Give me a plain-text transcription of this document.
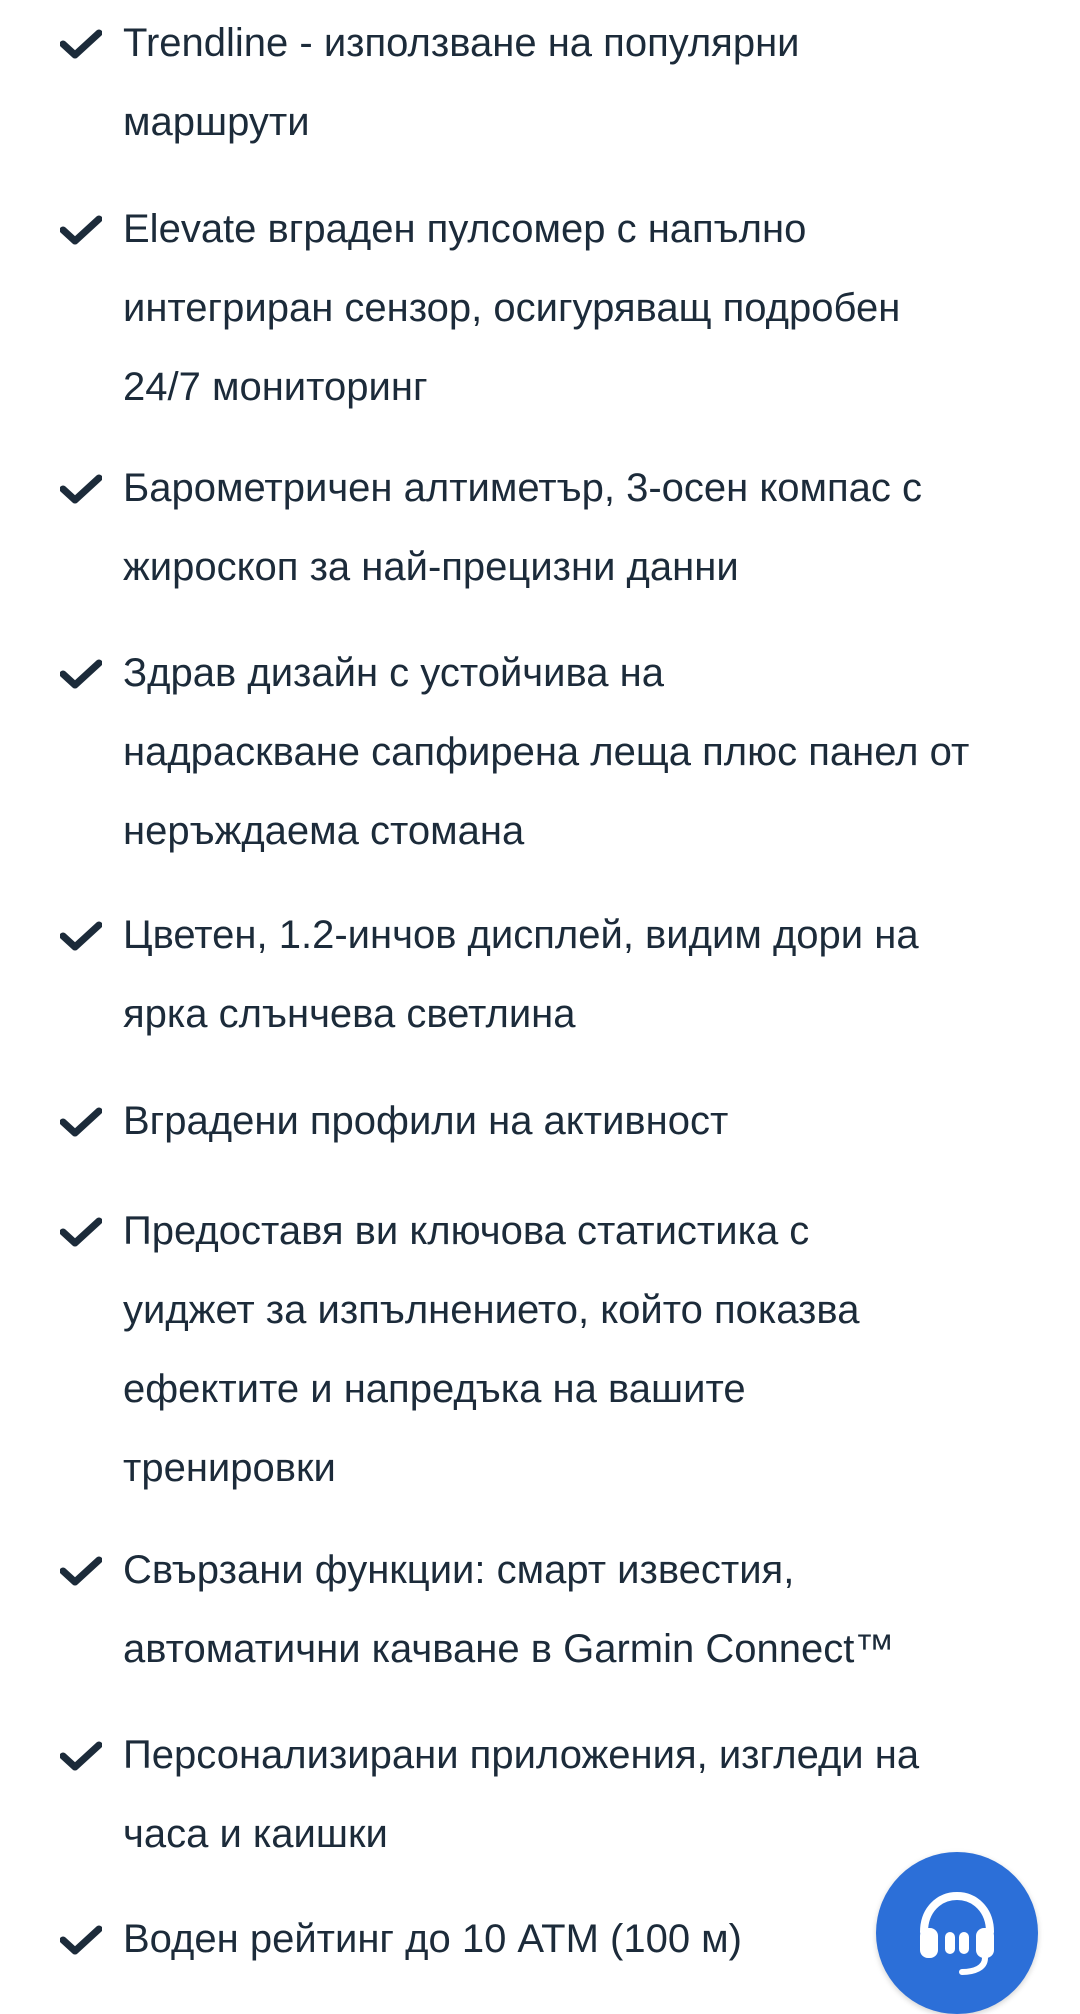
Trendline - използване на популярни
маршрути
Elevate вграден пулсомер с напълно
интегриран сензор, осигуряващ подробен
24/7 мониторинг
Барометричен алтиметър, 3-осен компас с
жироскоп за най-прецизни данни
Здрав дизайн с устойчива на
надраскване сапфирена леща плюс панел от
неръждаема стомана
Цветен, 1.2-инчов дисплей, видим дори на
ярка слънчева светлина
Вградени профили на активност
Предоставя ви ключова статистика с
уиджет за изпълнението, който показва
ефектите и напредъка на вашите
тренировки
Свързани функции: смарт известия,
автоматични качване в Garmin Connect™
Персонализирани приложения, изгледи на
часа и каишки
Воден рейтинг до 10 ATM (100 м)
